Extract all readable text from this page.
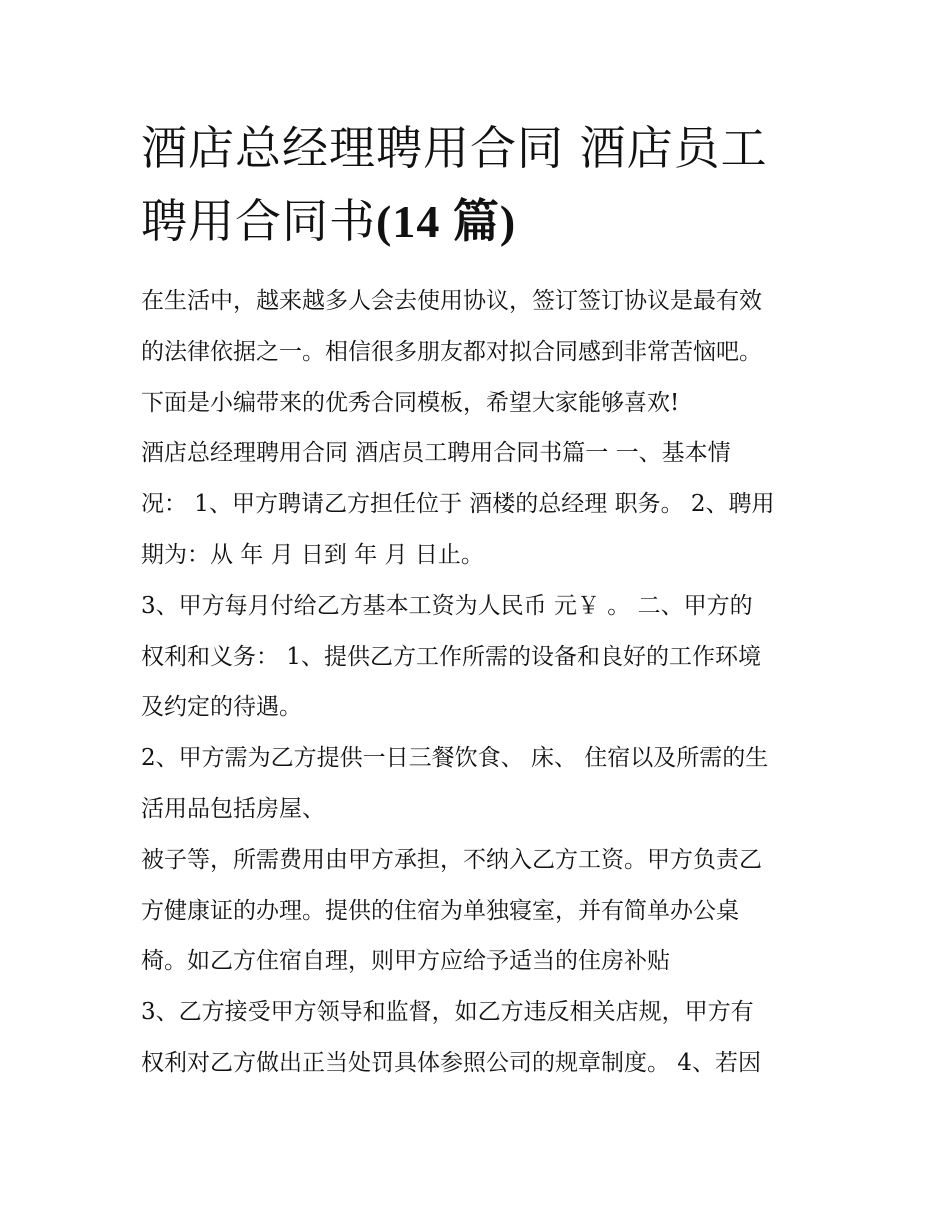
酒店总经理聘用合同 酒店员工
聘用合同书(14 篇)
在生活中，越来越多人会去使用协议，签订签订协议是最有效
的法律依据之一。相信很多朋友都对拟合同感到非常苦恼吧。
下面是小编带来的优秀合同模板，希望大家能够喜欢!
酒店总经理聘用合同 酒店员工聘用合同书篇一 一、基本情
况： 1、甲方聘请乙方担任位于 酒楼的总经理 职务。 2、聘用
期为：从 年 月 日到 年 月 日止。
3、甲方每月付给乙方基本工资为人民币 元￥ 。 二、甲方的
权利和义务： 1、提供乙方工作所需的设备和良好的工作环境
及约定的待遇。
2、甲方需为乙方提供一日三餐饮食、 床、 住宿以及所需的生
活用品包括房屋、
被子等，所需费用由甲方承担，不纳入乙方工资。甲方负责乙
方健康证的办理。提供的住宿为单独寝室，并有简单办公桌
椅。如乙方住宿自理，则甲方应给予适当的住房补贴
3、乙方接受甲方领导和监督，如乙方违反相关店规，甲方有
权利对乙方做出正当处罚具体参照公司的规章制度。 4、若因
